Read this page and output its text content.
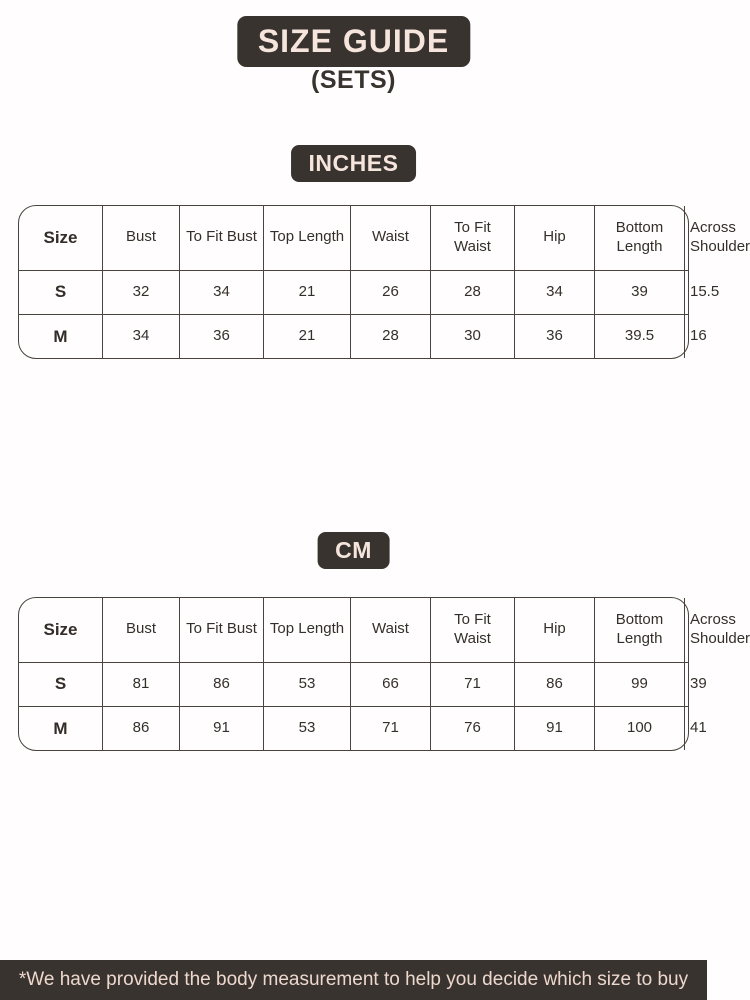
SIZE GUIDE
(SETS)
INCHES
Size	Bust	To Fit Bust	Top Length	Waist	To Fit Waist	Hip	Bottom Length	Across Shoulder
S	32	34	21	26	28	34	39	15.5
M	34	36	21	28	30	36	39.5	16
CM
Size	Bust	To Fit Bust	Top Length	Waist	To Fit Waist	Hip	Bottom Length	Across Shoulder
S	81	86	53	66	71	86	99	39
M	86	91	53	71	76	91	100	41
*We have provided the body measurement to help you decide which size to buy
